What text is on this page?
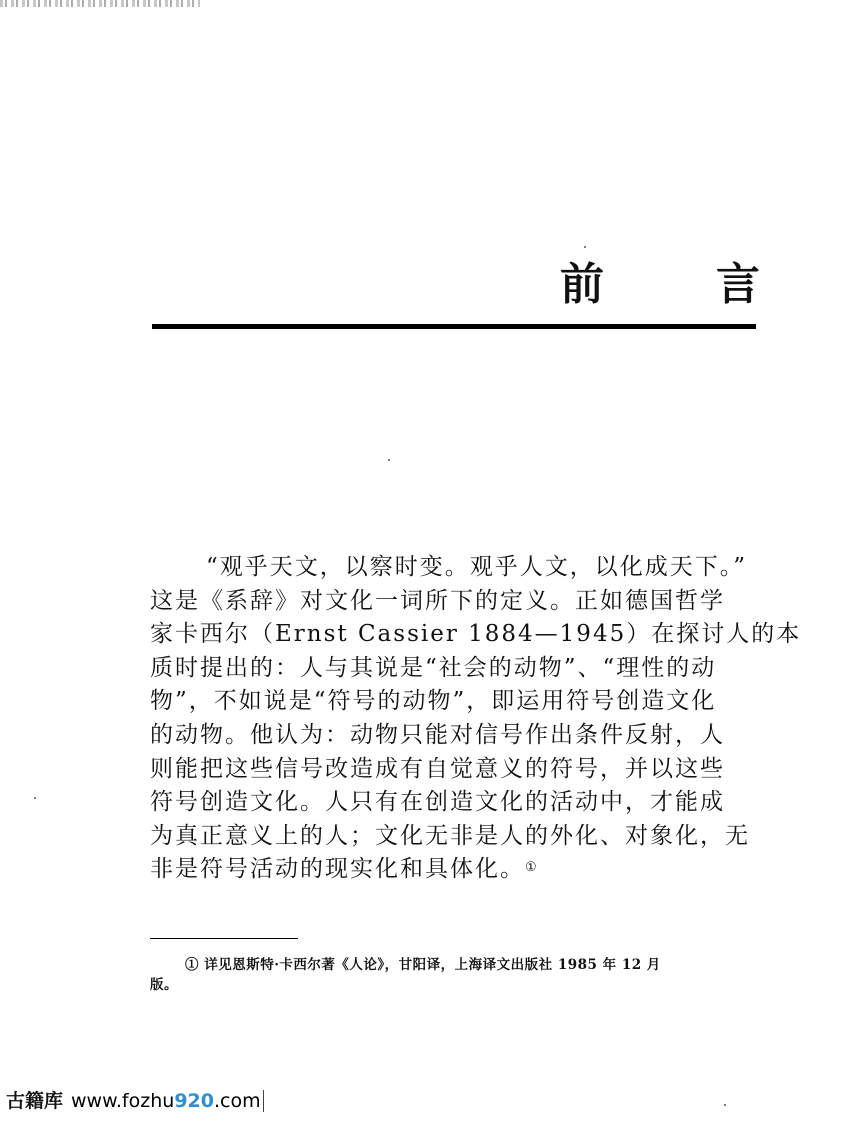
前	言
“观乎天文，以察时变。观乎人文，以化成天下。”
这是《系辞》对文化一词所下的定义。正如德国哲学
家卡西尔（Ernst Cassier 1884—1945）在探讨人的本
质时提出的：人与其说是“社会的动物”、“理性的动
物”，不如说是“符号的动物”，即运用符号创造文化
的动物。他认为：动物只能对信号作出条件反射，人
则能把这些信号改造成有自觉意义的符号，并以这些
符号创造文化。人只有在创造文化的活动中，才能成
为真正意义上的人；文化无非是人的外化、对象化，无
非是符号活动的现实化和具体化。①
① 详见恩斯特·卡西尔著《人论》，甘阳译，上海译文出版社 1985 年 12 月
版。
古籍库 www.fozhu920.com
